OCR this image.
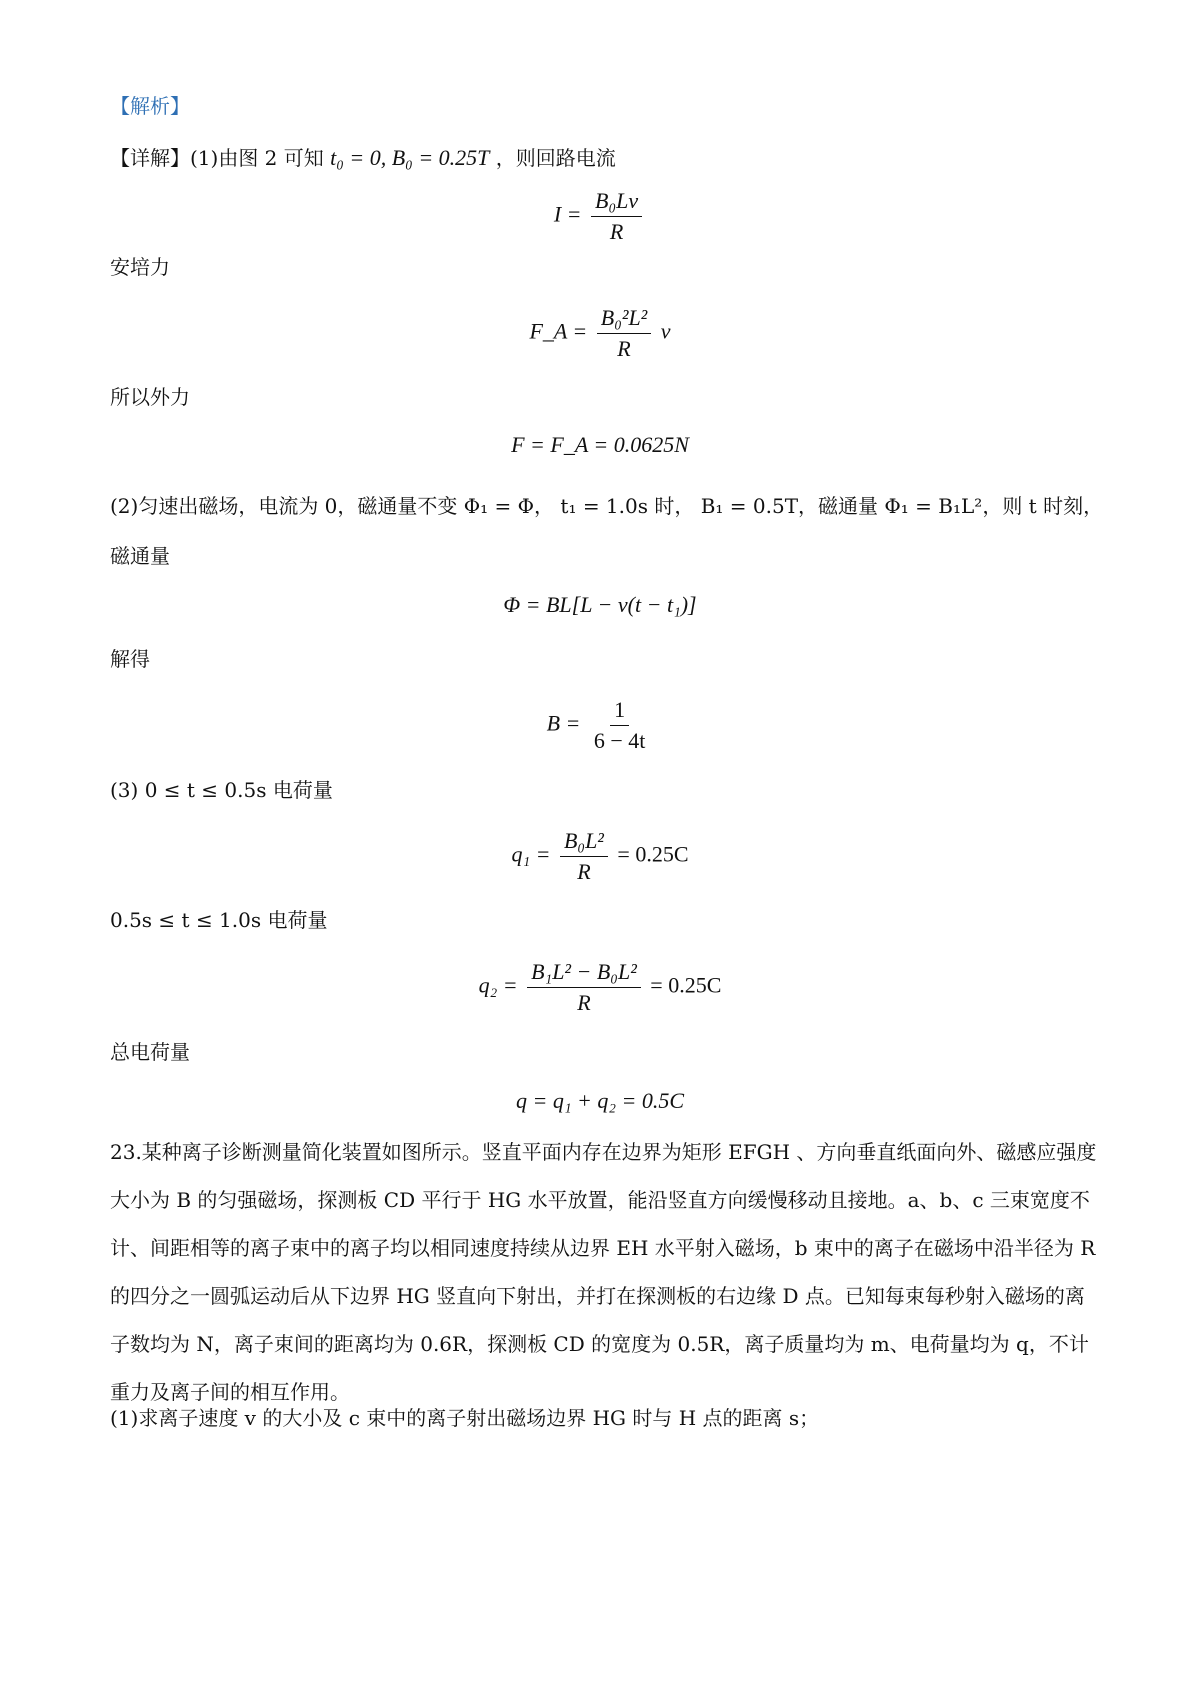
【解析】
【详解】(1)由图 2 可知 t₀ = 0, B₀ = 0.25T ，则回路电流
$I = \frac{\text{B₀Lv}}{R}$
安培力
F_A = $\frac{\text{B₀²L²}}{R}$ v
所以外力
F = F_A = 0.0625N
(2)匀速出磁场，电流为 0，磁通量不变 Φ₁ = Φ， t₁ = 1.0s 时， B₁ = 0.5T，磁通量 Φ₁ = B₁L²，则 t 时刻，
磁通量
Φ = BL[L − v(t − t₁)]
解得
$B = \frac{1}{6 - 4t}$
(3) 0 ≤ t ≤ 0.5s 电荷量
$q_1 = \frac{\text{B₀L²}}{R} = 0.25C$
0.5s ≤ t ≤ 1.0s 电荷量
$q_2 = \frac{\text{B₁L² − B₀L²}}{R} = 0.25C$
总电荷量
q = q₁ + q₂ = 0.5C
23.某种离子诊断测量简化装置如图所示。竖直平面内存在边界为矩形 EFGH 、方向垂直纸面向外、磁感应强度大小为 B 的匀强磁场，探测板 CD 平行于 HG 水平放置，能沿竖直方向缓慢移动且接地。a、b、c 三束宽度不计、间距相等的离子束中的离子均以相同速度持续从边界 EH 水平射入磁场，b 束中的离子在磁场中沿半径为 R 的四分之一圆弧运动后从下边界 HG 竖直向下射出，并打在探测板的右边缘 D 点。已知每束每秒射入磁场的离子数均为 N，离子束间的距离均为 0.6R，探测板 CD 的宽度为 0.5R，离子质量均为 m、电荷量均为 q，不计重力及离子间的相互作用。
(1)求离子速度 v 的大小及 c 束中的离子射出磁场边界 HG 时与 H 点的距离 s；
